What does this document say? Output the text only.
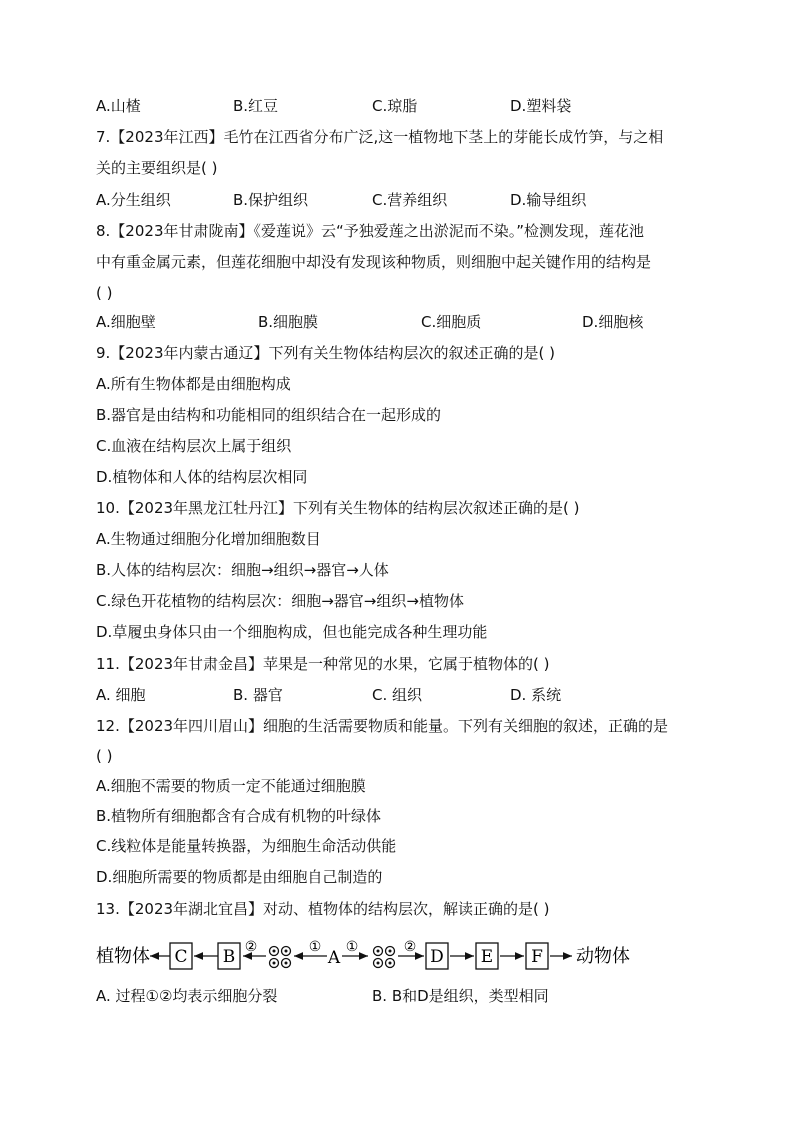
A.山楂	B.红豆	C.琼脂	D.塑料袋
7.【2023年江西】毛竹在江西省分布广泛,这一植物地下茎上的芽能长成竹笋，与之相
关的主要组织是( )
A.分生组织	B.保护组织	C.营养组织	D.输导组织
8.【2023年甘肃陇南】《爱莲说》云“予独爱莲之出淤泥而不染。”检测发现，莲花池
中有重金属元素，但莲花细胞中却没有发现该种物质，则细胞中起关键作用的结构是
( )
A.细胞壁	B.细胞膜	C.细胞质	D.细胞核
9.【2023年内蒙古通辽】下列有关生物体结构层次的叙述正确的是( )
A.所有生物体都是由细胞构成
B.器官是由结构和功能相同的组织结合在一起形成的
C.血液在结构层次上属于组织
D.植物体和人体的结构层次相同
10.【2023年黑龙江牡丹江】下列有关生物体的结构层次叙述正确的是( )
A.生物通过细胞分化增加细胞数目
B.人体的结构层次：细胞→组织→器官→人体
C.绿色开花植物的结构层次：细胞→器官→组织→植物体
D.草履虫身体只由一个细胞构成，但也能完成各种生理功能
11.【2023年甘肃金昌】苹果是一种常见的水果，它属于植物体的( )
A. 细胞	B. 器官	C. 组织	D. 系统
12.【2023年四川眉山】细胞的生活需要物质和能量。下列有关细胞的叙述，正确的是
( )
A.细胞不需要的物质一定不能通过细胞膜
B.植物所有细胞都含有合成有机物的叶绿体
C.线粒体是能量转换器，为细胞生命活动供能
D.细胞所需要的物质都是由细胞自己制造的
13.【2023年湖北宜昌】对动、植物体的结构层次，解读正确的是( )
植物体 C B ②	①
A
①	② D E F 动物体
A. 过程①②均表示细胞分裂	B. B和D是组织，类型相同
